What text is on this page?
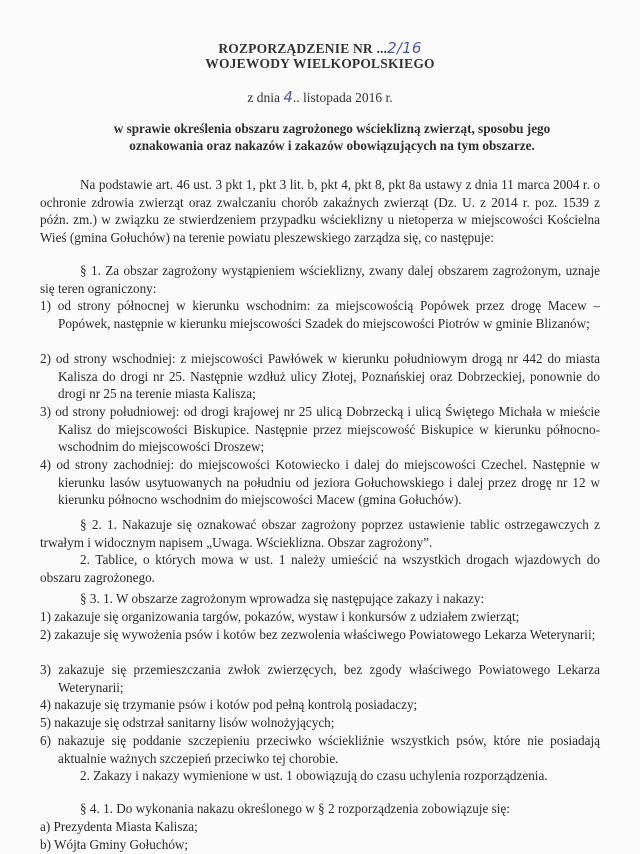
ROZPORZĄDZENIE NR ...2/16
WOJEWODY WIELKOPOLSKIEGO
z dnia 4.. listopada 2016 r.
w sprawie określenia obszaru zagrożonego wścieklizną zwierząt, sposobu jego oznakowania oraz nakazów i zakazów obowiązujących na tym obszarze.
Na podstawie art. 46 ust. 3 pkt 1, pkt 3 lit. b, pkt 4, pkt 8, pkt 8a ustawy z dnia 11 marca 2004 r. o ochronie zdrowia zwierząt oraz zwalczaniu chorób zakaźnych zwierząt (Dz. U. z 2014 r. poz. 1539 z późn. zm.) w związku ze stwierdzeniem przypadku wścieklizny u nietoperza w miejscowości Kościelna Wieś (gmina Gołuchów) na terenie powiatu pleszewskiego zarządza się, co następuje:
§ 1. Za obszar zagrożony wystąpieniem wścieklizny, zwany dalej obszarem zagrożonym, uznaje się teren ograniczony:
1) od strony północnej w kierunku wschodnim: za miejscowością Popówek przez drogę Macew – Popówek, następnie w kierunku miejscowości Szadek do miejscowości Piotrów w gminie Blizanów;
2) od strony wschodniej: z miejscowości Pawłówek w kierunku południowym drogą nr 442 do miasta Kalisza do drogi nr 25. Następnie wzdłuż ulicy Złotej, Poznańskiej oraz Dobrzeckiej, ponownie do drogi nr 25 na terenie miasta Kalisza;
3) od strony południowej: od drogi krajowej nr 25 ulicą Dobrzecką i ulicą Świętego Michała w mieście Kalisz do miejscowości Biskupice. Następnie przez miejscowość Biskupice w kierunku północno-wschodnim do miejscowości Droszew;
4) od strony zachodniej: do miejscowości Kotowiecko i dalej do miejscowości Czechel. Następnie w kierunku lasów usytuowanych na południu od jeziora Gołuchowskiego i dalej przez drogę nr 12 w kierunku północno wschodnim do miejscowości Macew (gmina Gołuchów).
§ 2. 1. Nakazuje się oznakować obszar zagrożony poprzez ustawienie tablic ostrzegawczych z trwałym i widocznym napisem „Uwaga. Wścieklizna. Obszar zagrożony”.
2. Tablice, o których mowa w ust. 1 należy umieścić na wszystkich drogach wjazdowych do obszaru zagrożonego.
§ 3. 1. W obszarze zagrożonym wprowadza się następujące zakazy i nakazy:
1) zakazuje się organizowania targów, pokazów, wystaw i konkursów z udziałem zwierząt;
2) zakazuje się wywożenia psów i kotów bez zezwolenia właściwego Powiatowego Lekarza Weterynarii;
3) zakazuje się przemieszczania zwłok zwierzęcych, bez zgody właściwego Powiatowego Lekarza Weterynarii;
4) nakazuje się trzymanie psów i kotów pod pełną kontrolą posiadaczy;
5) nakazuje się odstrzał sanitarny lisów wolnożyjących;
6) nakazuje się poddanie szczepieniu przeciwko wściekliźnie wszystkich psów, które nie posiadają aktualnie ważnych szczepień przeciwko tej chorobie.
2. Zakazy i nakazy wymienione w ust. 1 obowiązują do czasu uchylenia rozporządzenia.
§ 4. 1. Do wykonania nakazu określonego w § 2 rozporządzenia zobowiązuje się:
a) Prezydenta Miasta Kalisza;
b) Wójta Gminy Gołuchów;
